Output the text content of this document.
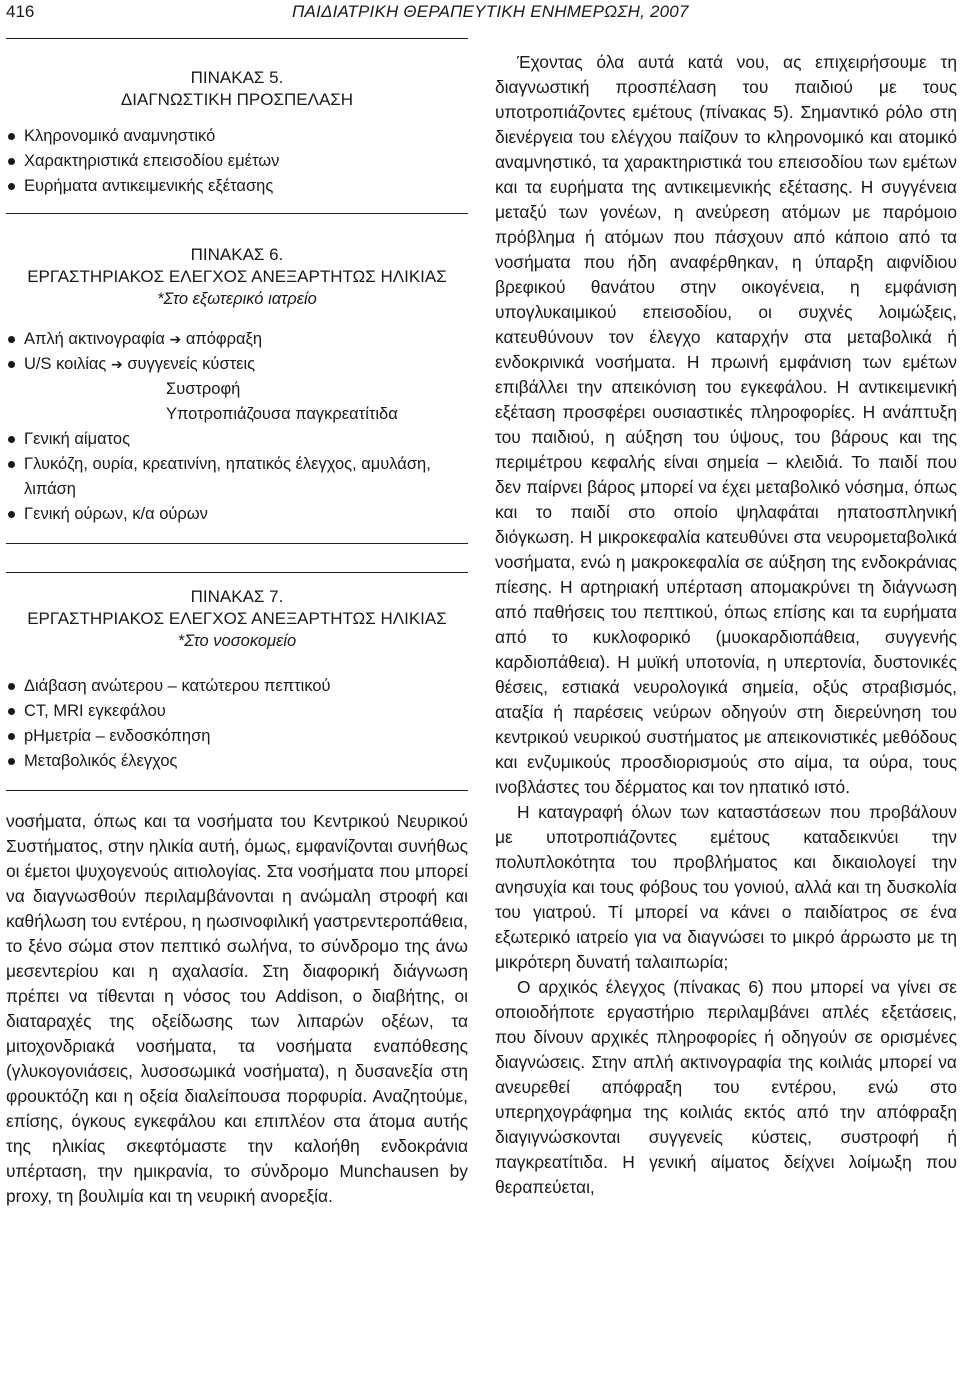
416	ΠΑΙΔΙΑΤΡΙΚΗ ΘΕΡΑΠΕΥΤΙΚΗ ΕΝΗΜΕΡΩΣΗ, 2007

ΠΙΝΑΚΑΣ 5.

ΔΙΑΓΝΩΣΤΙΚΗ ΠΡΟΣΠΕΛΑΣΗ

Κληρονομικό αναμνηστικό
Χαρακτηριστικά επεισοδίου εμέτων
Ευρήματα αντικειμενικής εξέτασης

ΠΙΝΑΚΑΣ 6.

ΕΡΓΑΣΤΗΡΙΑΚΟΣ ΕΛΕΓΧΟΣ ΑΝΕΞΑΡΤΗΤΩΣ ΗΛΙΚΙΑΣ

*Στο εξωτερικό ιατρείο

Απλή ακτινογραφία ➔ απόφραξη
U/S κοιλίας ➔ συγγενείς κύστεις
Συστροφή
Υποτροπιάζουσα παγκρεατίτιδα
Γενική αίματος
Γλυκόζη, ουρία, κρεατινίνη, ηπατικός έλεγχος, αμυλάση, λιπάση
Γενική ούρων, κ/α ούρων

ΠΙΝΑΚΑΣ 7.

ΕΡΓΑΣΤΗΡΙΑΚΟΣ ΕΛΕΓΧΟΣ ΑΝΕΞΑΡΤΗΤΩΣ ΗΛΙΚΙΑΣ

*Στο νοσοκομείο

Διάβαση ανώτερου – κατώτερου πεπτικού
CT, MRI εγκεφάλου
pHμετρία – ενδοσκόπηση
Μεταβολικός έλεγχος

νοσήματα, όπως και τα νοσήματα του Κεντρικού Νευρικού Συστήματος, στην ηλικία αυτή, όμως, εμφανίζονται συνήθως οι έμετοι ψυχογενούς αιτιολογίας. Στα νοσήματα που μπορεί να διαγνωσθούν περιλαμβάνονται η ανώμαλη στροφή και καθήλωση του εντέρου, η ηωσινοφιλική γαστρεντεροπάθεια, το ξένο σώμα στον πεπτικό σωλήνα, το σύνδρομο της άνω μεσεντερίου και η αχαλασία. Στη διαφορική διάγνωση πρέπει να τίθενται η νόσος του Addison, ο διαβήτης, οι διαταραχές της οξείδωσης των λιπαρών οξέων, τα μιτοχονδριακά νοσήματα, τα νοσήματα εναπόθεσης (γλυκογονιάσεις, λυσοσωμικά νοσήματα), η δυσανεξία στη φρουκτόζη και η οξεία διαλείπουσα πορφυρία. Αναζητούμε, επίσης, όγκους εγκεφάλου και επιπλέον στα άτομα αυτής της ηλικίας σκεφτόμαστε την καλοήθη ενδοκράνια υπέρταση, την ημικρανία, το σύνδρομο Munchausen by proxy, τη βουλιμία και τη νευρική ανορεξία.

Έχοντας όλα αυτά κατά νου, ας επιχειρήσουμε τη διαγνωστική προσπέλαση του παιδιού με τους υποτροπιάζοντες εμέτους (πίνακας 5). Σημαντικό ρόλο στη διενέργεια του ελέγχου παίζουν το κληρονομικό και ατομικό αναμνηστικό, τα χαρακτηριστικά του επεισοδίου των εμέτων και τα ευρήματα της αντικειμενικής εξέτασης. Η συγγένεια μεταξύ των γονέων, η ανεύρεση ατόμων με παρόμοιο πρόβλημα ή ατόμων που πάσχουν από κάποιο από τα νοσήματα που ήδη αναφέρθηκαν, η ύπαρξη αιφνίδιου βρεφικού θανάτου στην οικογένεια, η εμφάνιση υπογλυκαιμικού επεισοδίου, οι συχνές λοιμώξεις, κατευθύνουν τον έλεγχο καταρχήν στα μεταβολικά ή ενδοκρινικά νοσήματα. Η πρωινή εμφάνιση των εμέτων επιβάλλει την απεικόνιση του εγκεφάλου. Η αντικειμενική εξέταση προσφέρει ουσιαστικές πληροφορίες. Η ανάπτυξη του παιδιού, η αύξηση του ύψους, του βάρους και της περιμέτρου κεφαλής είναι σημεία – κλειδιά. Το παιδί που δεν παίρνει βάρος μπορεί να έχει μεταβολικό νόσημα, όπως και το παιδί στο οποίο ψηλαφάται ηπατοσπληνική διόγκωση. Η μικροκεφαλία κατευθύνει στα νευρομεταβολικά νοσήματα, ενώ η μακροκεφαλία σε αύξηση της ενδοκράνιας πίεσης. Η αρτηριακή υπέρταση απομακρύνει τη διάγνωση από παθήσεις του πεπτικού, όπως επίσης και τα ευρήματα από το κυκλοφορικό (μυοκαρδιοπάθεια, συγγενής καρδιοπάθεια). Η μυϊκή υποτονία, η υπερτονία, δυστονικές θέσεις, εστιακά νευρολογικά σημεία, οξύς στραβισμός, αταξία ή παρέσεις νεύρων οδηγούν στη διερεύνηση του κεντρικού νευρικού συστήματος με απεικονιστικές μεθόδους και ενζυμικούς προσδιορισμούς στο αίμα, τα ούρα, τους ινοβλάστες του δέρματος και τον ηπατικό ιστό.

Η καταγραφή όλων των καταστάσεων που προβάλουν με υποτροπιάζοντες εμέτους καταδεικνύει την πολυπλοκότητα του προβλήματος και δικαιολογεί την ανησυχία και τους φόβους του γονιού, αλλά και τη δυσκολία του γιατρού. Τί μπορεί να κάνει ο παιδίατρος σε ένα εξωτερικό ιατρείο για να διαγνώσει το μικρό άρρωστο με τη μικρότερη δυνατή ταλαιπωρία;

Ο αρχικός έλεγχος (πίνακας 6) που μπορεί να γίνει σε οποιοδήποτε εργαστήριο περιλαμβάνει απλές εξετάσεις, που δίνουν αρχικές πληροφορίες ή οδηγούν σε ορισμένες διαγνώσεις. Στην απλή ακτινογραφία της κοιλιάς μπορεί να ανευρεθεί απόφραξη του εντέρου, ενώ στο υπερηχογράφημα της κοιλιάς εκτός από την απόφραξη διαγιγνώσκονται συγγενείς κύστεις, συστροφή ή παγκρεατίτιδα. Η γενική αίματος δείχνει λοίμωξη που θεραπεύεται,
